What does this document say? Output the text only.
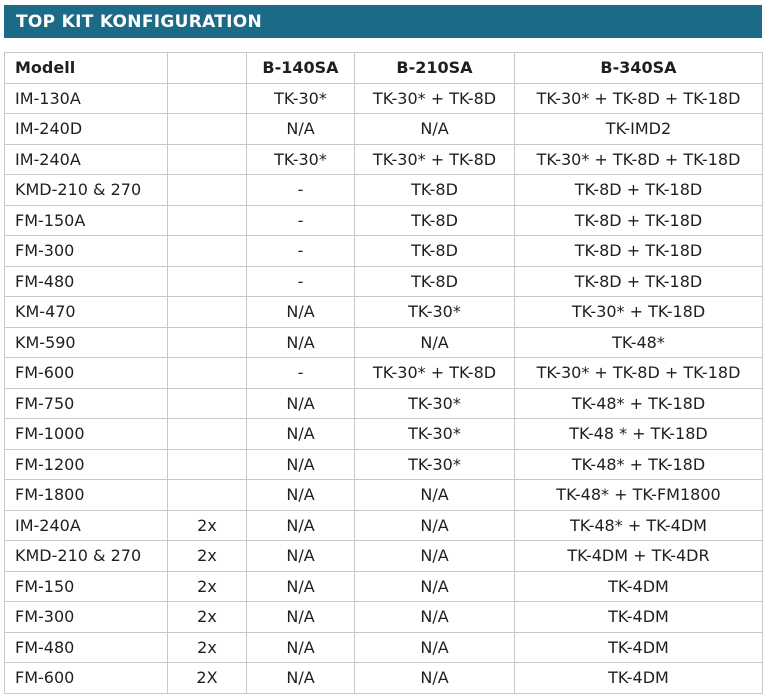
TOP KIT KONFIGURATION
Modell		B-140SA	B-210SA	B-340SA
IM-130A		TK-30*	TK-30* + TK-8D	TK-30* + TK-8D + TK-18D
IM-240D		N/A	N/A	TK-IMD2
IM-240A		TK-30*	TK-30* + TK-8D	TK-30* + TK-8D + TK-18D
KMD-210 & 270		-	TK-8D	TK-8D + TK-18D
FM-150A		-	TK-8D	TK-8D + TK-18D
FM-300		-	TK-8D	TK-8D + TK-18D
FM-480		-	TK-8D	TK-8D + TK-18D
KM-470		N/A	TK-30*	TK-30* + TK-18D
KM-590		N/A	N/A	TK-48*
FM-600		-	TK-30* + TK-8D	TK-30* + TK-8D + TK-18D
FM-750		N/A	TK-30*	TK-48* + TK-18D
FM-1000		N/A	TK-30*	TK-48 * + TK-18D
FM-1200		N/A	TK-30*	TK-48* + TK-18D
FM-1800		N/A	N/A	TK-48* + TK-FM1800
IM-240A	2x	N/A	N/A	TK-48* + TK-4DM
KMD-210 & 270	2x	N/A	N/A	TK-4DM + TK-4DR
FM-150	2x	N/A	N/A	TK-4DM
FM-300	2x	N/A	N/A	TK-4DM
FM-480	2x	N/A	N/A	TK-4DM
FM-600	2X	N/A	N/A	TK-4DM
